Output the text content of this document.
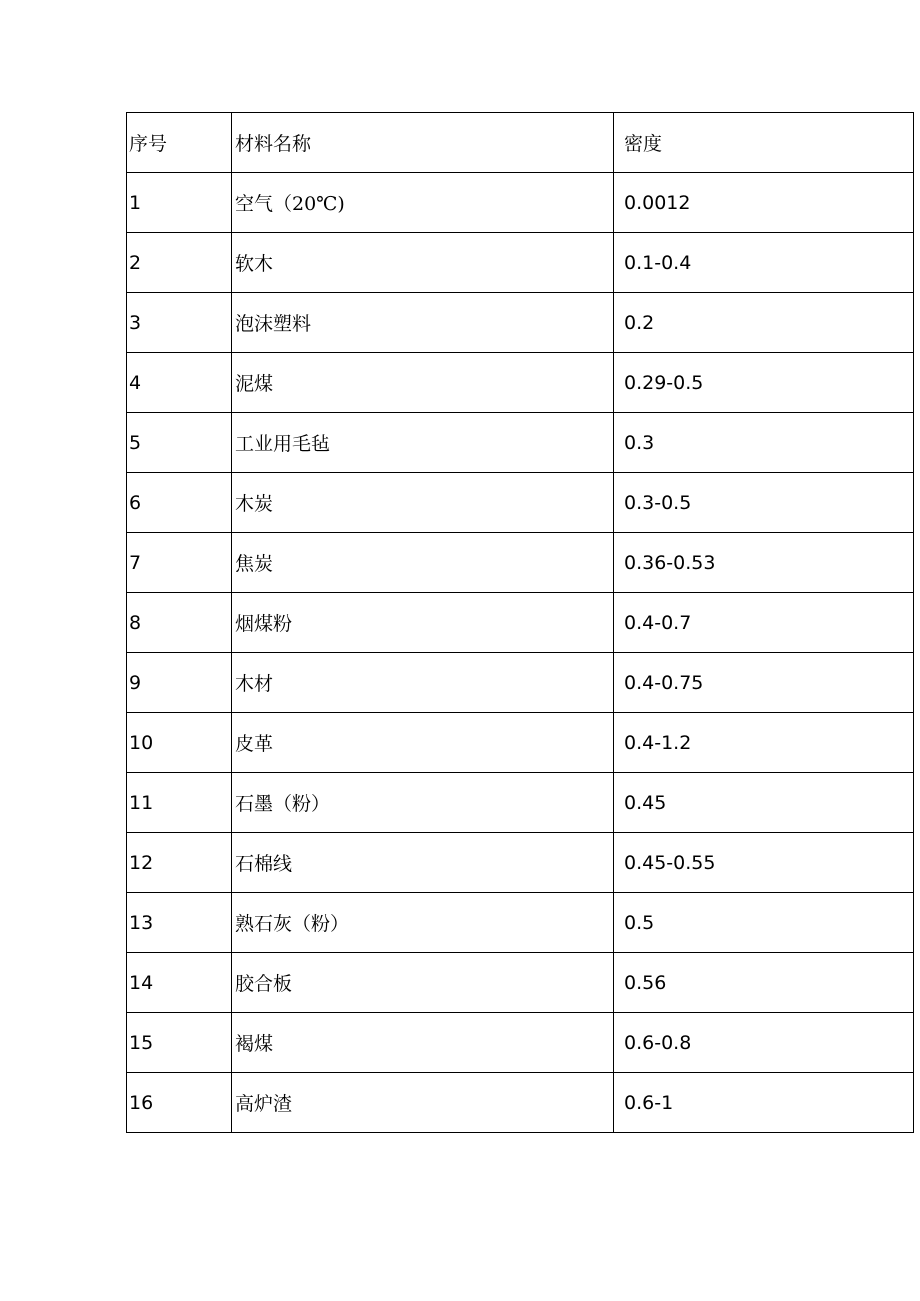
序号	材料名称	密度
1	空气（20℃)	0.0012
2	软木	0.1-0.4
3	泡沫塑料	0.2
4	泥煤	0.29-0.5
5	工业用毛毡	0.3
6	木炭	0.3-0.5
7	焦炭	0.36-0.53
8	烟煤粉	0.4-0.7
9	木材	0.4-0.75
10	皮革	0.4-1.2
11	石墨（粉）	0.45
12	石棉线	0.45-0.55
13	熟石灰（粉）	0.5
14	胶合板	0.56
15	褐煤	0.6-0.8
16	高炉渣	0.6-1
